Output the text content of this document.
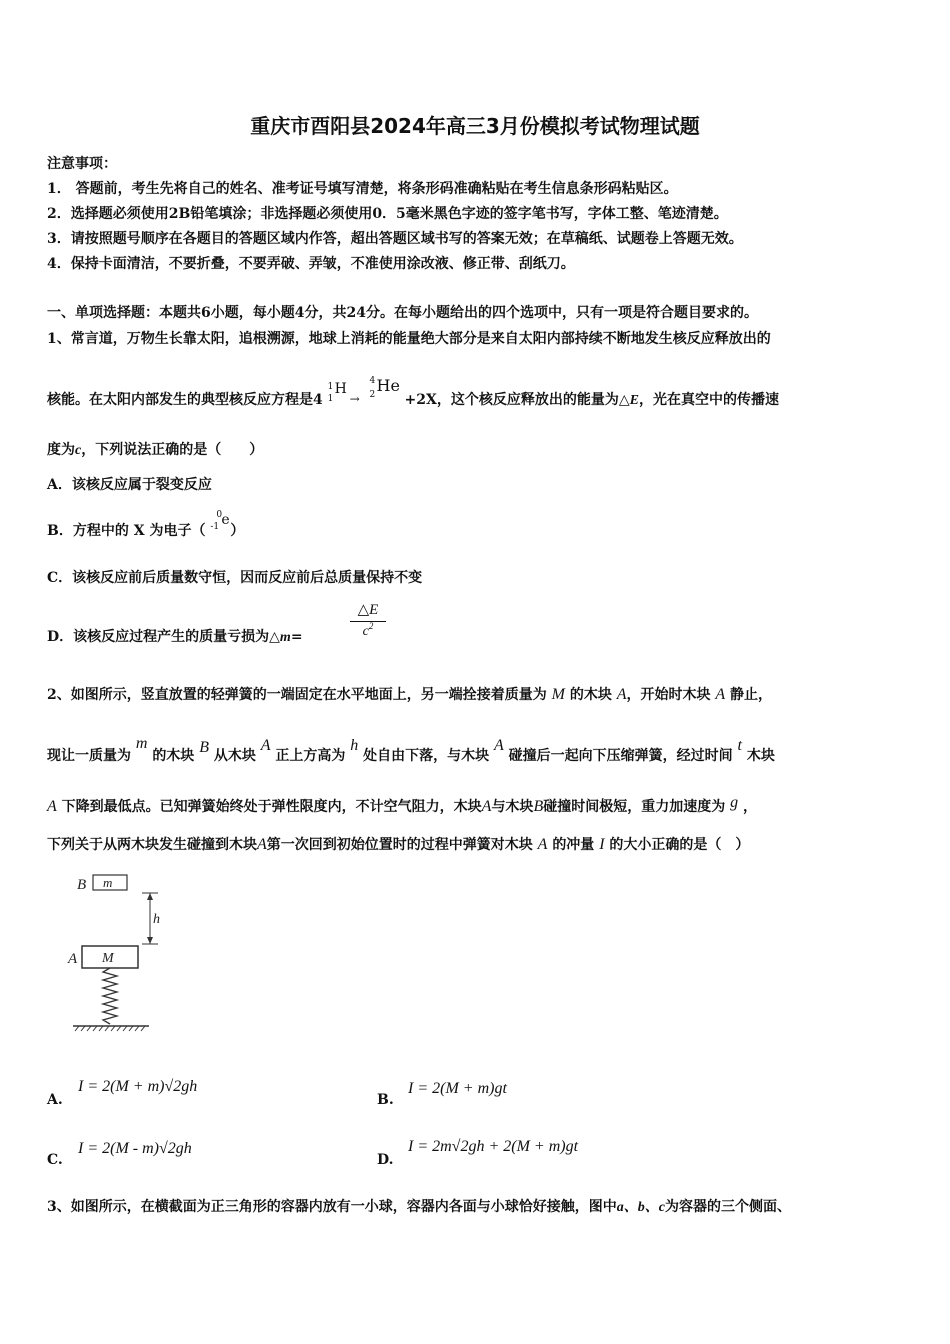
重庆市酉阳县2024年高三3月份模拟考试物理试题
注意事项：
1． 答题前，考生先将自己的姓名、准考证号填写清楚，将条形码准确粘贴在考生信息条形码粘贴区。
2．选择题必须使用2B铅笔填涂；非选择题必须使用0．5毫米黑色字迹的签字笔书写，字体工整、笔迹清楚。
3．请按照题号顺序在各题目的答题区域内作答，超出答题区域书写的答案无效；在草稿纸、试题卷上答题无效。
4．保持卡面清洁，不要折叠，不要弄破、弄皱，不准使用涂改液、修正带、刮纸刀。
一、单项选择题：本题共6小题，每小题4分，共24分。在每小题给出的四个选项中，只有一项是符合题目要求的。
1、常言道，万物生长靠太阳，追根溯源，地球上消耗的能量绝大部分是来自太阳内部持续不断地发生核反应释放出的
核能。在太阳内部发生的典型核反应方程是4
1
1
H
→

4
2 He
+2X，这个核反应释放出的能量为△E，光在真空中的传播速
度为c，下列说法正确的是（　　）
A．该核反应属于裂变反应
B．方程中的 X 为电子（
0
-1 e
）
C．该核反应前后质量数守恒，因而反应前后总质量保持不变
D．该核反应过程产生的质量亏损为△m=
△E
$c^2$
2、如图所示，竖直放置的轻弹簧的一端固定在水平地面上，另一端拴接着质量为 M 的木块 A，开始时木块 A 静止，
现让一质量为 m 的木块 B 从木块 A 正上方高为 h 处自由下落，与木块 A 碰撞后一起向下压缩弹簧，经过时间 t 木块
A 下降到最低点。已知弹簧始终处于弹性限度内，不计空气阻力，木块A与木块B碰撞时间极短，重力加速度为 g ，
下列关于从两木块发生碰撞到木块A第一次回到初始位置时的过程中弹簧对木块 A 的冲量 I 的大小正确的是（　）
B m
h
A M
A.
I = 2(M + m)√2gh
B.
I = 2(M + m)gt
C.
I = 2(M - m)√2gh
D.
I = 2m√2gh + 2(M + m)gt
3、如图所示，在横截面为正三角形的容器内放有一小球，容器内各面与小球恰好接触，图中a、b、c为容器的三个侧面、
